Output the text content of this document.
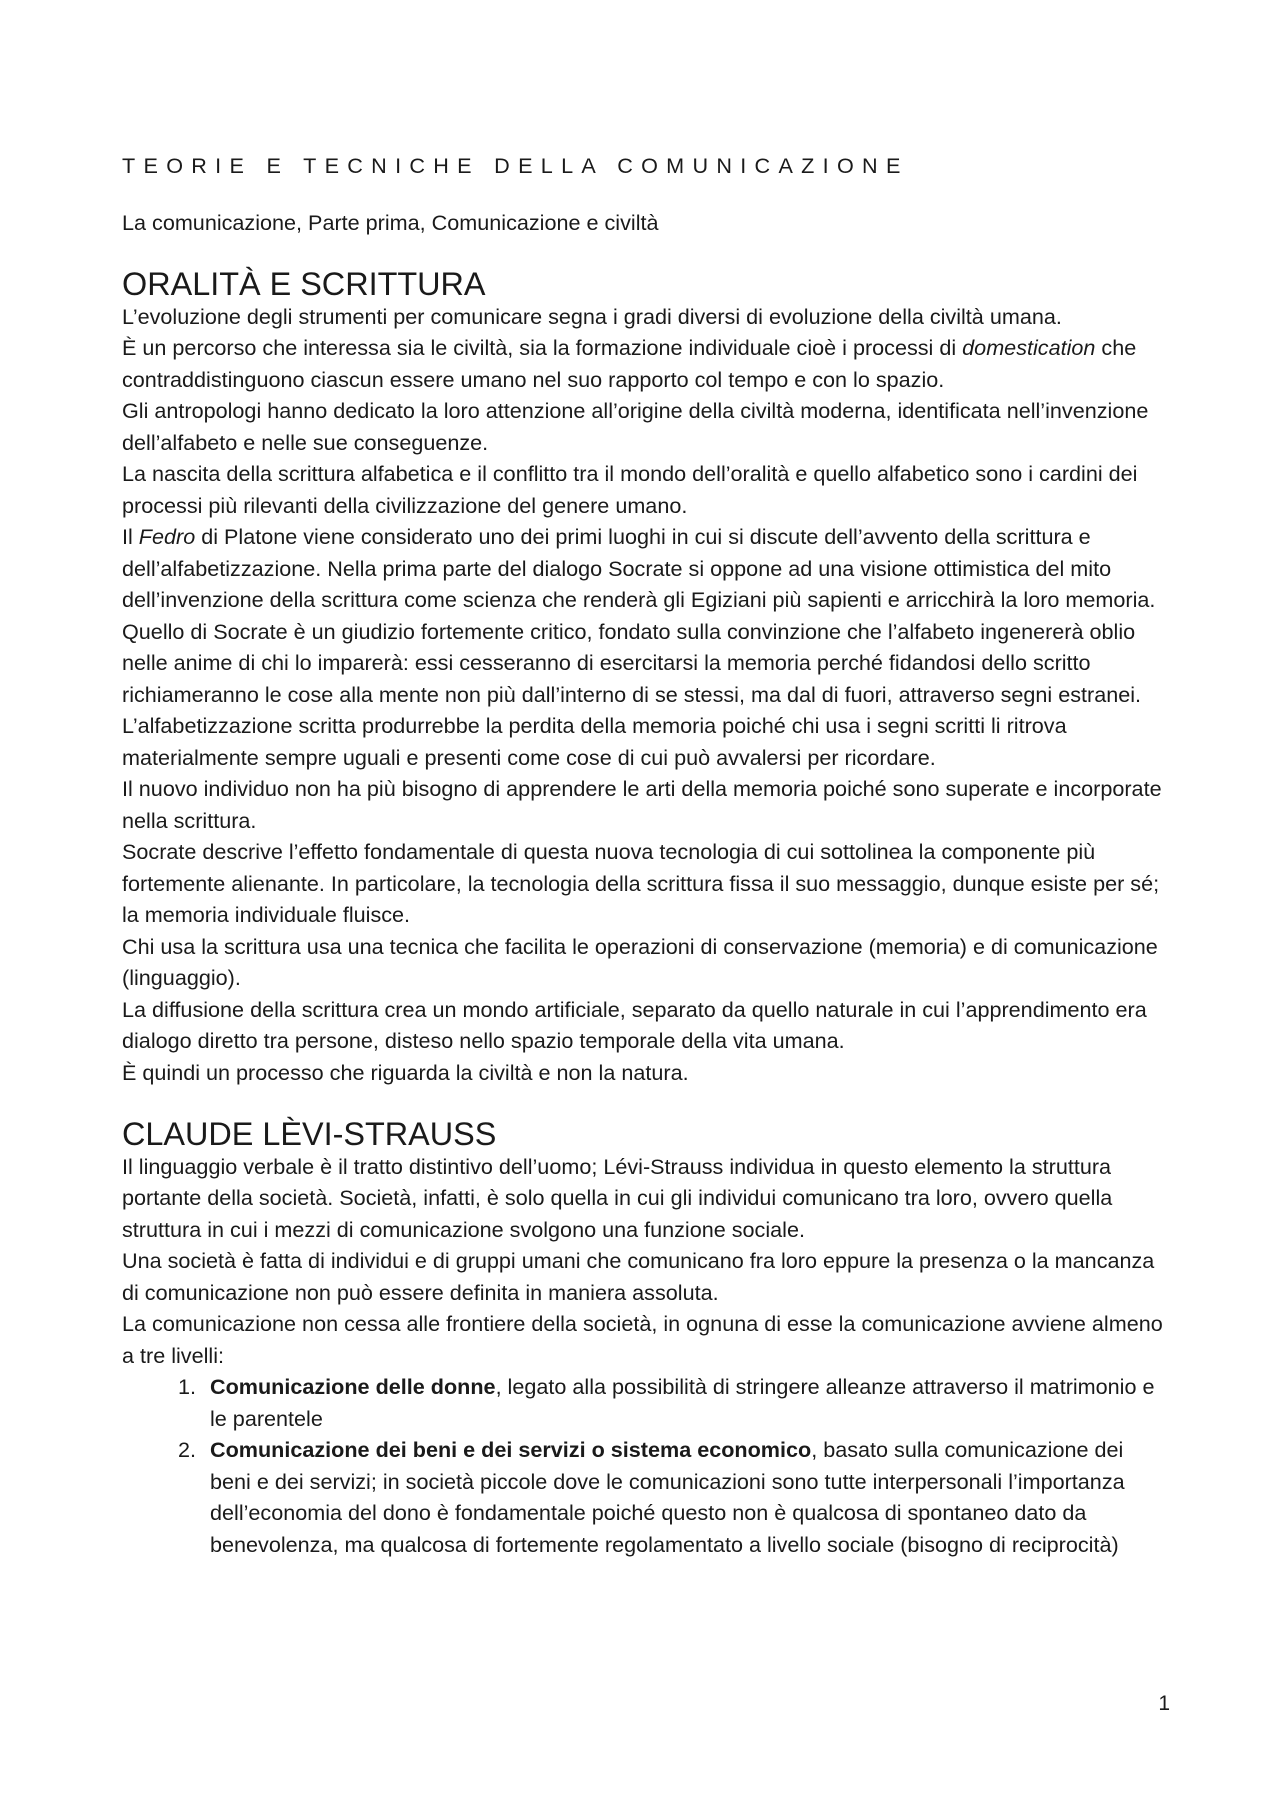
TEORIE E TECNICHE DELLA COMUNICAZIONE

La comunicazione, Parte prima, Comunicazione e civiltà

ORALITÀ E SCRITTURA

L’evoluzione degli strumenti per comunicare segna i gradi diversi di evoluzione della civiltà umana.

È un percorso che interessa sia le civiltà, sia la formazione individuale cioè i processi di domestication che contraddistinguono ciascun essere umano nel suo rapporto col tempo e con lo spazio.

Gli antropologi hanno dedicato la loro attenzione all’origine della civiltà moderna, identificata nell’invenzione dell’alfabeto e nelle sue conseguenze.

La nascita della scrittura alfabetica e il conflitto tra il mondo dell’oralità e quello alfabetico sono i cardini dei processi più rilevanti della civilizzazione del genere umano.

Il Fedro di Platone viene considerato uno dei primi luoghi in cui si discute dell’avvento della scrittura e dell’alfabetizzazione. Nella prima parte del dialogo Socrate si oppone ad una visione ottimistica del mito dell’invenzione della scrittura come scienza che renderà gli Egiziani più sapienti e arricchirà la loro memoria. Quello di Socrate è un giudizio fortemente critico, fondato sulla convinzione che l’alfabeto ingenererà oblio nelle anime di chi lo imparerà: essi cesseranno di esercitarsi la memoria perché fidandosi dello scritto richiameranno le cose alla mente non più dall’interno di se stessi, ma dal di fuori, attraverso segni estranei.

L’alfabetizzazione scritta produrrebbe la perdita della memoria poiché chi usa i segni scritti li ritrova materialmente sempre uguali e presenti come cose di cui può avvalersi per ricordare.

Il nuovo individuo non ha più bisogno di apprendere le arti della memoria poiché sono superate e incorporate nella scrittura.

Socrate descrive l’effetto fondamentale di questa nuova tecnologia di cui sottolinea la componente più fortemente alienante. In particolare, la tecnologia della scrittura fissa il suo messaggio, dunque esiste per sé; la memoria individuale fluisce.

Chi usa la scrittura usa una tecnica che facilita le operazioni di conservazione (memoria) e di comunicazione (linguaggio).

La diffusione della scrittura crea un mondo artificiale, separato da quello naturale in cui l’apprendimento era dialogo diretto tra persone, disteso nello spazio temporale della vita umana.

È quindi un processo che riguarda la civiltà e non la natura.

CLAUDE LÈVI-STRAUSS

Il linguaggio verbale è il tratto distintivo dell’uomo; Lévi-Strauss individua in questo elemento la struttura portante della società. Società, infatti, è solo quella in cui gli individui comunicano tra loro, ovvero quella struttura in cui i mezzi di comunicazione svolgono una funzione sociale.

Una società è fatta di individui e di gruppi umani che comunicano fra loro eppure la presenza o la mancanza di comunicazione non può essere definita in maniera assoluta.

La comunicazione non cessa alle frontiere della società, in ognuna di esse la comunicazione avviene almeno a tre livelli:

1. Comunicazione delle donne, legato alla possibilità di stringere alleanze attraverso il matrimonio e le parentele
2. Comunicazione dei beni e dei servizi o sistema economico, basato sulla comunicazione dei beni e dei servizi; in società piccole dove le comunicazioni sono tutte interpersonali l’importanza dell’economia del dono è fondamentale poiché questo non è qualcosa di spontaneo dato da benevolenza, ma qualcosa di fortemente regolamentato a livello sociale (bisogno di reciprocità)
1
